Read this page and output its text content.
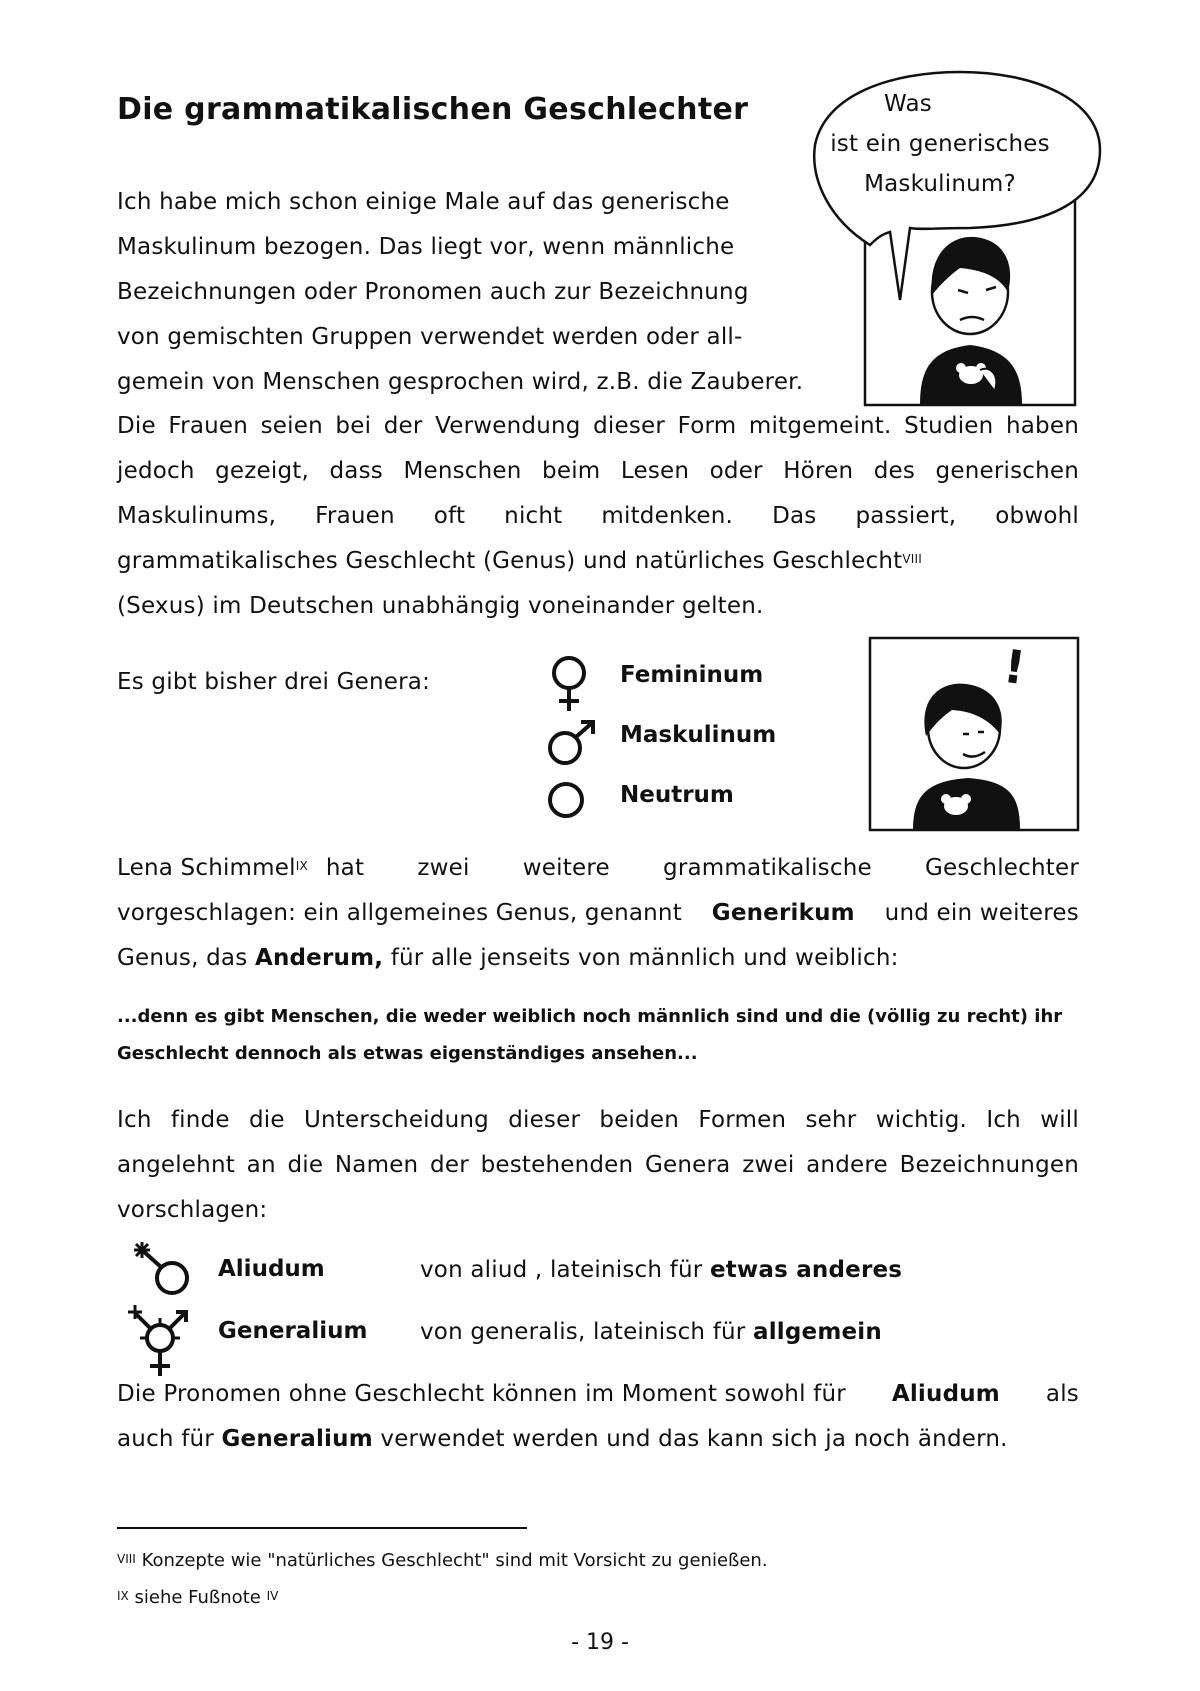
Die grammatikalischen Geschlechter	Was
ist ein generisches
Maskulinum?
Ich habe mich schon einige Male auf das generische
Maskulinum bezogen. Das liegt vor, wenn männliche
Bezeichnungen oder Pronomen auch zur Bezeichnung
von gemischten Gruppen verwendet werden oder all-
gemein von Menschen gesprochen wird, z.B. die Zauberer.
Die Frauen seien bei der Verwendung dieser Form mitgemeint. Studien haben
jedoch gezeigt, dass Menschen beim Lesen oder Hören des generischen
Maskulinums, Frauen oft nicht mitdenken. Das passiert, obwohl
grammatikalisches Geschlecht (Genus) und natürliches Geschlecht$^{VIII}$
(Sexus) im Deutschen unabhängig voneinander gelten.
Es gibt bisher drei Genera:	Femininum
Maskulinum
Neutrum
!
Lena Schimmel$^{IX}$ hat zwei weitere grammatikalische Geschlechter
vorgeschlagen: ein allgemeines Genus, genannt Generikum und ein weiteres
Genus, das Anderum, für alle jenseits von männlich und weiblich:
...denn es gibt Menschen, die weder weiblich noch männlich sind und die (völlig zu recht) ihr
Geschlecht dennoch als etwas eigenständiges ansehen...
Ich finde die Unterscheidung dieser beiden Formen sehr wichtig. Ich will
angelehnt an die Namen der bestehenden Genera zwei andere Bezeichnungen
vorschlagen:
Aliudum	von aliud , lateinisch für etwas anderes
Generalium von generalis, lateinisch für allgemein
Die Pronomen ohne Geschlecht können im Moment sowohl für Aliudum als
auch für Generalium verwendet werden und das kann sich ja noch ändern.
$^{VIII}$ Konzepte wie "natürliches Geschlecht" sind mit Vorsicht zu genießen.
$^{IX}$ siehe Fußnote $^{IV}$
- 19 -
